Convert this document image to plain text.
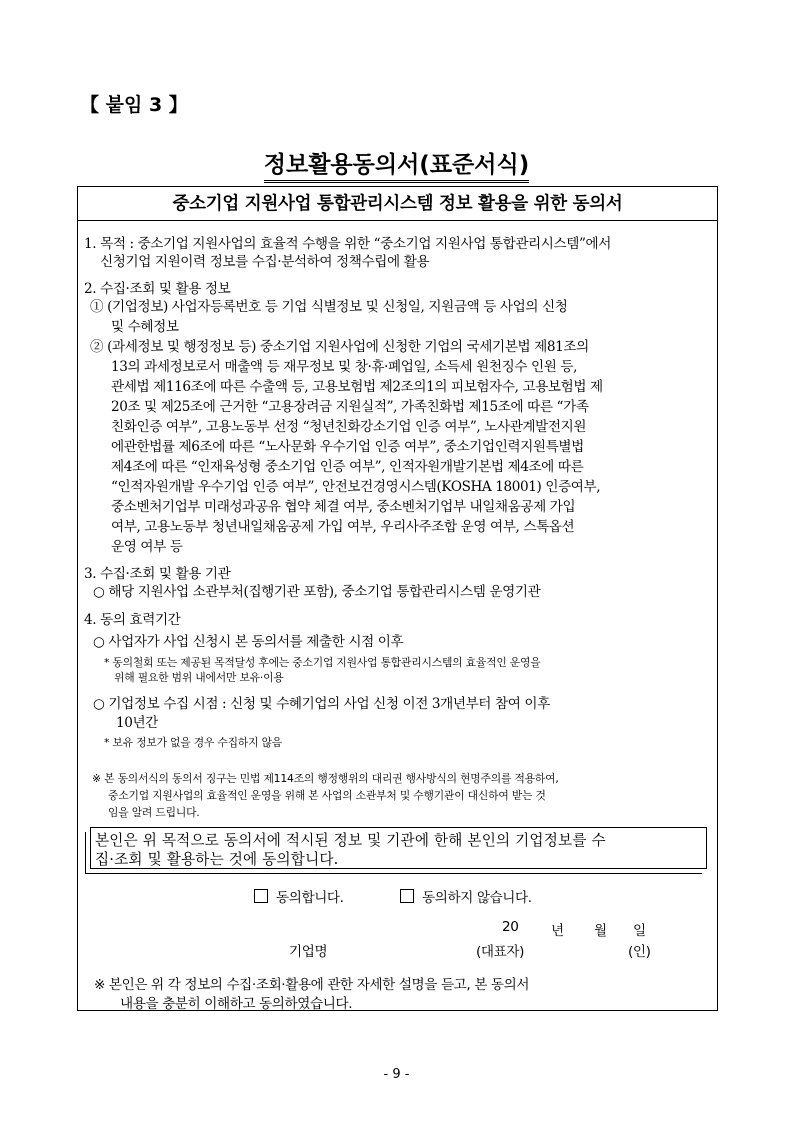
【 붙임 3 】
정보활용동의서(표준서식)
중소기업 지원사업 통합관리시스템 정보 활용을 위한 동의서
1. 목적 : 중소기업 지원사업의 효율적 수행을 위한 “중소기업 지원사업 통합관리시스템”에서
신청기업 지원이력 정보를 수집·분석하여 정책수립에 활용
2. 수집·조회 및 활용 정보
① (기업정보) 사업자등록번호 등 기업 식별정보 및 신청일, 지원금액 등 사업의 신청
및 수혜정보
② (과세정보 및 행정정보 등) 중소기업 지원사업에 신청한 기업의 국세기본법 제81조의
13의 과세정보로서 매출액 등 재무정보 및 창·휴·폐업일, 소득세 원천징수 인원 등,
관세법 제116조에 따른 수출액 등, 고용보험법 제2조의1의 피보험자수, 고용보험법 제
20조 및 제25조에 근거한 “고용장려금 지원실적”, 가족친화법 제15조에 따른 “가족
친화인증 여부”, 고용노동부 선정 “청년친화강소기업 인증 여부”, 노사관계발전지원
에관한법률 제6조에 따른 “노사문화 우수기업 인증 여부”, 중소기업인력지원특별법
제4조에 따른 “인재육성형 중소기업 인증 여부”, 인적자원개발기본법 제4조에 따른
“인적자원개발 우수기업 인증 여부”, 안전보건경영시스템(KOSHA 18001) 인증여부,
중소벤처기업부 미래성과공유 협약 체결 여부, 중소벤처기업부 내일채움공제 가입
여부, 고용노동부 청년내일채움공제 가입 여부, 우리사주조합 운영 여부, 스톡옵션
운영 여부 등
3. 수집·조회 및 활용 기관
○ 해당 지원사업 소관부처(집행기관 포함), 중소기업 통합관리시스템 운영기관
4. 동의 효력기간
○ 사업자가 사업 신청시 본 동의서를 제출한 시점 이후
* 동의철회 또는 제공된 목적달성 후에는 중소기업 지원사업 통합관리시스템의 효율적인 운영을
위해 필요한 범위 내에서만 보유·이용
○ 기업정보 수집 시점 : 신청 및 수혜기업의 사업 신청 이전 3개년부터 참여 이후
10년간
* 보유 정보가 없을 경우 수집하지 않음
※ 본 동의서식의 동의서 징구는 민법 제114조의 행정행위의 대리권 행사방식의 현명주의를 적용하여,
중소기업 지원사업의 효율적인 운영을 위해 본 사업의 소관부처 및 수행기관이 대신하여 받는 것
임을 알려 드립니다.
본인은 위 목적으로 동의서에 적시된 정보 및 기관에 한해 본인의 기업정보를 수
집·조회 및 활용하는 것에 동의합니다.
동의합니다.	동의하지 않습니다.
20 년 월 일
기업명	(대표자)	(인)
※ 본인은 위 각 정보의 수집·조회·활용에 관한 자세한 설명을 듣고, 본 동의서
내용을 충분히 이해하고 동의하였습니다.
- 9 -
